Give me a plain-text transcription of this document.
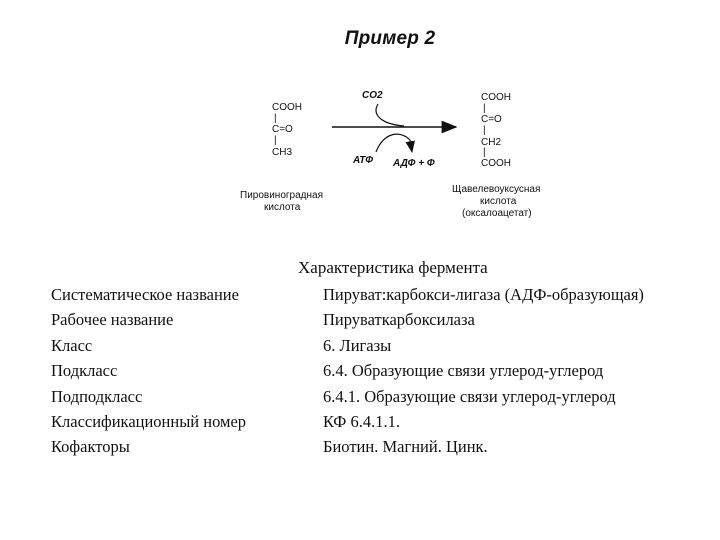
Пример 2
COOH
|
C=O
|
CH3
Пировиноградная
кислота
CO2
АТФ АДФ + Ф
COOH
|
C=O
|
CH2
|
COOH
Щавелевоуксусная
кислота
(оксалоацетат)
Характеристика фермента
Систематическое название	Пируват:карбокси-лигаза (АДФ-образующая)
Рабочее название	Пируваткарбоксилаза
Класс	6. Лигазы
Подкласс	6.4. Образующие связи углерод-углерод
Подподкласс	6.4.1. Образующие связи углерод-углерод
Классификационный номер	КФ 6.4.1.1.
Кофакторы	Биотин. Магний. Цинк.
